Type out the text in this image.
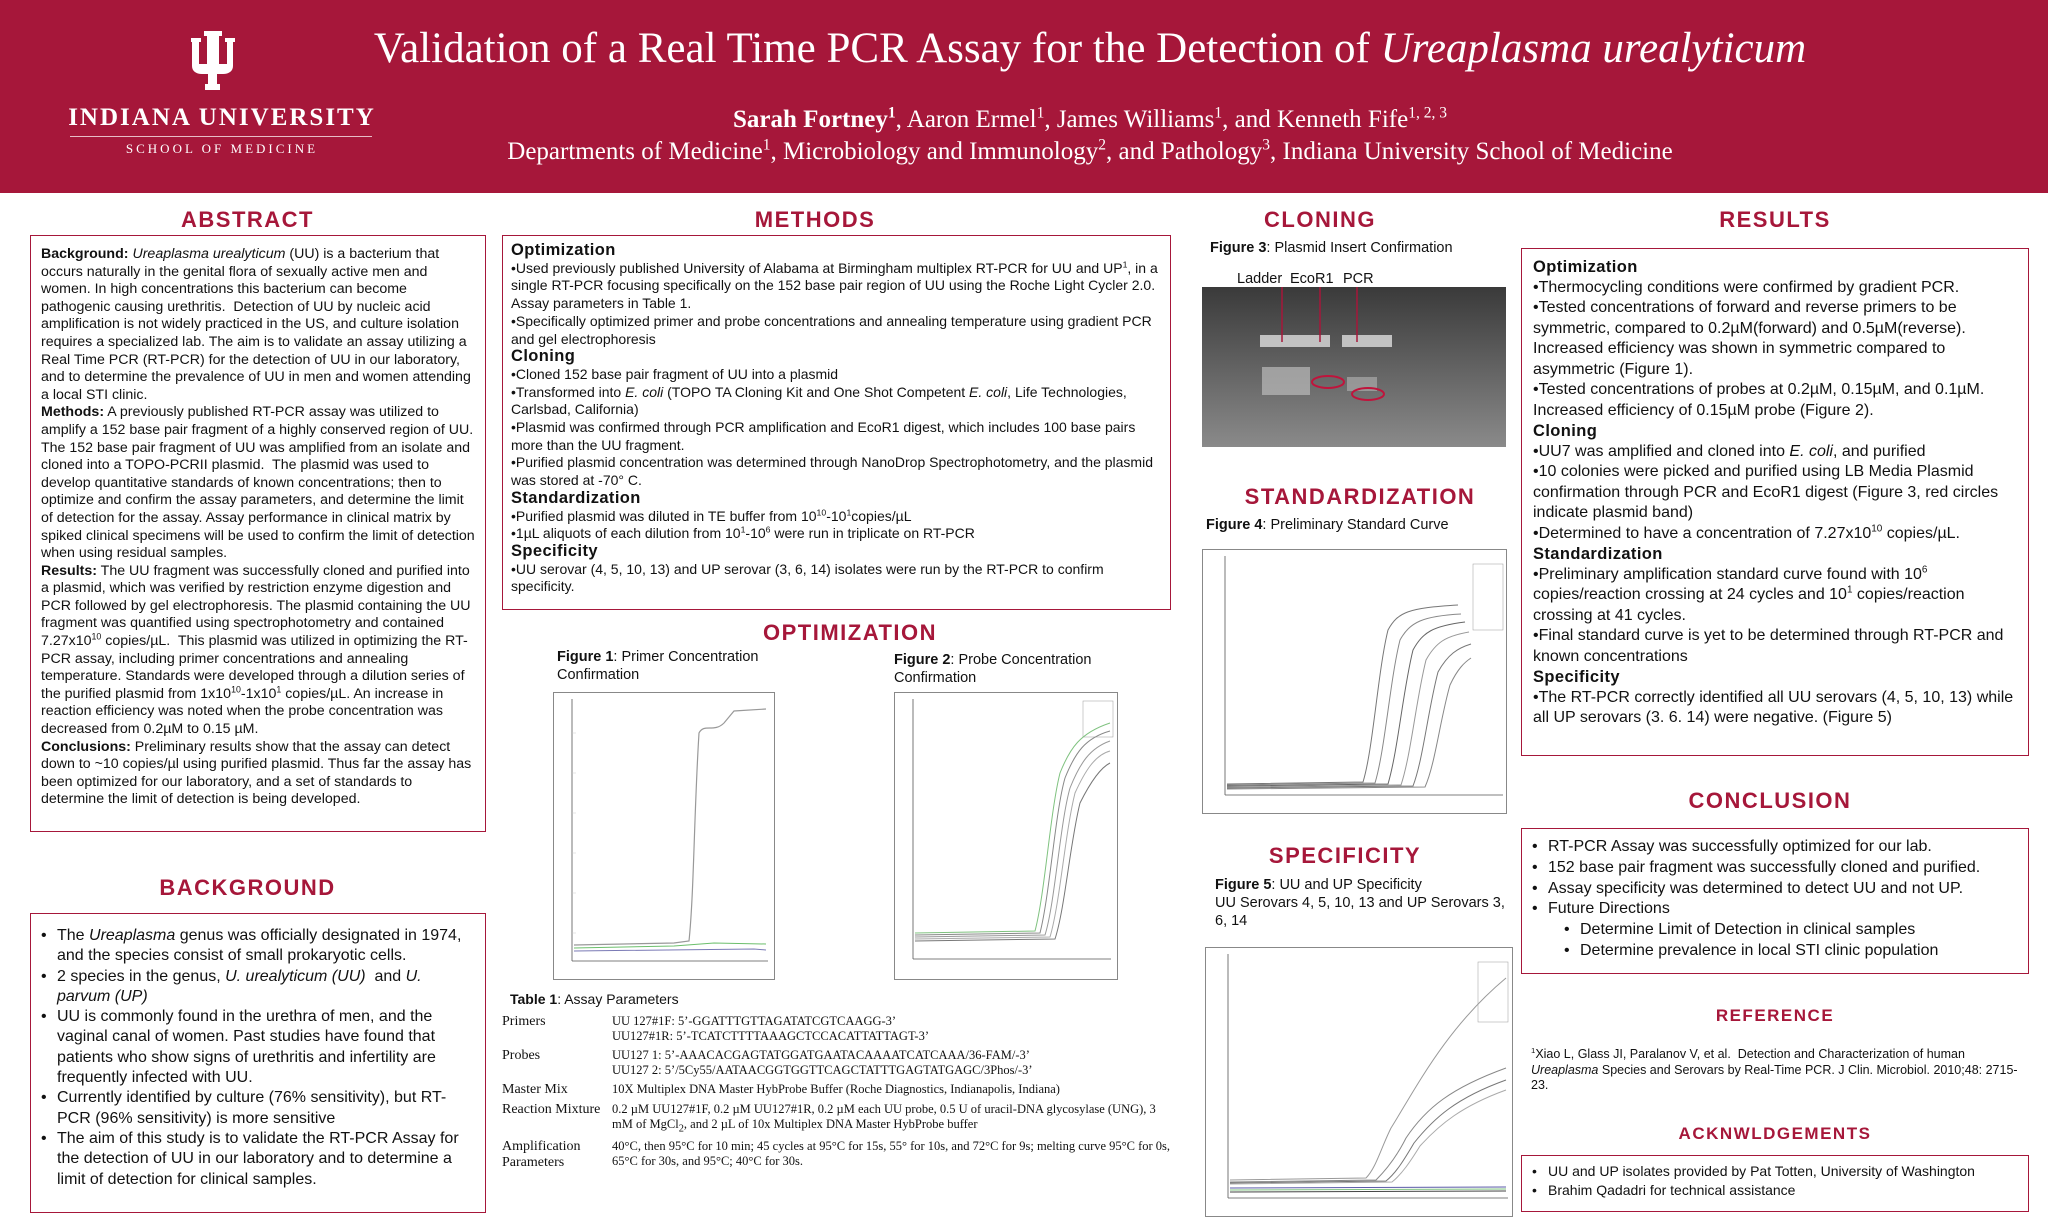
INDIANA UNIVERSITY
SCHOOL OF MEDICINE
Validation of a Real Time PCR Assay for the Detection of Ureaplasma urealyticum
Sarah Fortney$^1$, Aaron Ermel$^1$, James Williams$^1$, and Kenneth Fife$^{1, 2, 3}$
Departments of Medicine$^1$, Microbiology and Immunology$^2$, and Pathology$^3$, Indiana University School of Medicine
ABSTRACT
Background: Ureaplasma urealyticum (UU) is a bacterium that occurs naturally in the genital flora of sexually active men and women. In high concentrations this bacterium can become pathogenic causing urethritis.  Detection of UU by nucleic acid amplification is not widely practiced in the US, and culture isolation requires a specialized lab. The aim is to validate an assay utilizing a Real Time PCR (RT-PCR) for the detection of UU in our laboratory, and to determine the prevalence of UU in men and women attending a local STI clinic.
Methods: A previously published RT-PCR assay was utilized to amplify a 152 base pair fragment of a highly conserved region of UU.  The 152 base pair fragment of UU was amplified from an isolate and cloned into a TOPO-PCRII plasmid.  The plasmid was used to develop quantitative standards of known concentrations; then to optimize and confirm the assay parameters, and determine the limit of detection for the assay. Assay performance in clinical matrix by spiked clinical specimens will be used to confirm the limit of detection when using residual samples.
Results: The UU fragment was successfully cloned and purified into a plasmid, which was verified by restriction enzyme digestion and PCR followed by gel electrophoresis. The plasmid containing the UU fragment was quantified using spectrophotometry and contained $7.27x10^{10}$ copies/µL.  This plasmid was utilized in optimizing the RT-PCR assay, including primer concentrations and annealing temperature. Standards were developed through a dilution series of the purified plasmid from $1x10^{10}-1x10^1$ copies/µL. An increase in reaction efficiency was noted when the probe concentration was decreased from 0.2µM to 0.15 µM.
Conclusions: Preliminary results show that the assay can detect down to ~10 copies/µl using purified plasmid. Thus far the assay has been optimized for our laboratory, and a set of standards to determine the limit of detection is being developed.
BACKGROUND
• The Ureaplasma genus was officially designated in 1974, and the species consist of small prokaryotic cells.
• 2 species in the genus, U. urealyticum (UU)  and U. parvum (UP)
• UU is commonly found in the urethra of men, and the vaginal canal of women. Past studies have found that patients who show signs of urethritis and infertility are frequently infected with UU.
• Currently identified by culture (76% sensitivity), but RT-PCR (96% sensitivity) is more sensitive
• The aim of this study is to validate the RT-PCR Assay for the detection of UU in our laboratory and to determine a limit of detection for clinical samples.
METHODS
Optimization
•Used previously published University of Alabama at Birmingham multiplex RT-PCR for UU and $UP^1$, in a single RT-PCR focusing specifically on the 152 base pair region of UU using the Roche Light Cycler 2.0. Assay parameters in Table 1.
•Specifically optimized primer and probe concentrations and annealing temperature using gradient PCR and gel electrophoresis
Cloning
•Cloned 152 base pair fragment of UU into a plasmid
•Transformed into E. coli (TOPO TA Cloning Kit and One Shot Competent E. coli, Life Technologies, Carlsbad, California)
•Plasmid was confirmed through PCR amplification and EcoR1 digest, which includes 100 base pairs more than the UU fragment.
•Purified plasmid concentration was determined through NanoDrop Spectrophotometry, and the plasmid was stored at -70° C.
Standardization
•Purified plasmid was diluted in TE buffer from $10^{10}-10^1copies/\mu L$
•1µL aliquots of each dilution from $10^1-10^6$ were run in triplicate on RT-PCR
Specificity
•UU serovar (4, 5, 10, 13) and UP serovar (3, 6, 14) isolates were run by the RT-PCR to confirm specificity.
OPTIMIZATION
Figure 1: Primer Concentration Confirmation
Figure 2: Probe Concentration Confirmation
Table 1: Assay Parameters
Primers	UU 127#1F: 5’-GGATTTGTTAGATATCGTCAAGG-3’
UU127#1R: 5’-TCATCTTTTAAAGCTCCACATTATTAGT-3’
Probes	UU127 1: 5’-AAACACGAGTATGGATGAATACAAAATCATCAAA/36-FAM/-3’
UU127 2: 5’/5Cy55/AATAACGGTGGTTCAGCTATTTGAGTATGAGC/3Phos/-3’
Master Mix	10X Multiplex DNA Master HybProbe Buffer (Roche Diagnostics, Indianapolis, Indiana)
Reaction Mixture	0.2 µM UU127#1F, 0.2 µM UU127#1R, 0.2 µM each UU probe, 0.5 U of uracil-DNA glycosylase (UNG), 3 mM of MgCl$_2$, and 2 µL of 10x Multiplex DNA Master HybProbe buffer
Amplification Parameters	40°C, then 95°C for 10 min; 45 cycles at 95°C for 15s, 55° for 10s, and 72°C for 9s; melting curve 95°C for 0s, 65°C for 30s, and 95°C; 40°C for 30s.
CLONING
Figure 3: Plasmid Insert Confirmation
Ladder EcoR1 PCR
STANDARDIZATION
Figure 4: Preliminary Standard Curve
SPECIFICITY
Figure 5: UU and UP Specificity
UU Serovars 4, 5, 10, 13 and UP Serovars 3, 6, 14
RESULTS
Optimization
•Thermocycling conditions were confirmed by gradient PCR.
•Tested concentrations of forward and reverse primers to be symmetric, compared to 0.2µM(forward) and 0.5µM(reverse). Increased efficiency was shown in symmetric compared to asymmetric (Figure 1).
•Tested concentrations of probes at 0.2µM, 0.15µM, and 0.1µM.  Increased efficiency of 0.15µM probe (Figure 2).
Cloning
•UU7 was amplified and cloned into E. coli, and purified
•10 colonies were picked and purified using LB Media Plasmid confirmation through PCR and EcoR1 digest (Figure 3, red circles indicate plasmid band)
•Determined to have a concentration of $7.27x10^{10}$ copies/µL.
Standardization
•Preliminary amplification standard curve found with $10^6$ copies/reaction crossing at 24 cycles and $10^1$ copies/reaction crossing at 41 cycles.
•Final standard curve is yet to be determined through RT-PCR and known concentrations
Specificity
•The RT-PCR correctly identified all UU serovars (4, 5, 10, 13) while all UP serovars (3. 6. 14) were negative. (Figure 5)
CONCLUSION
• RT-PCR Assay was successfully optimized for our lab.
• 152 base pair fragment was successfully cloned and purified.
• Assay specificity was determined to detect UU and not UP.
• Future Directions
• Determine Limit of Detection in clinical samples
• Determine prevalence in local STI clinic population
REFERENCE
$^1$Xiao L, Glass JI, Paralanov V, et al.  Detection and Characterization of human Ureaplasma Species and Serovars by Real-Time PCR. J Clin. Microbiol. 2010;48: 2715-23.
ACKNWLDGEMENTS
• UU and UP isolates provided by Pat Totten, University of Washington
• Brahim Qadadri for technical assistance
